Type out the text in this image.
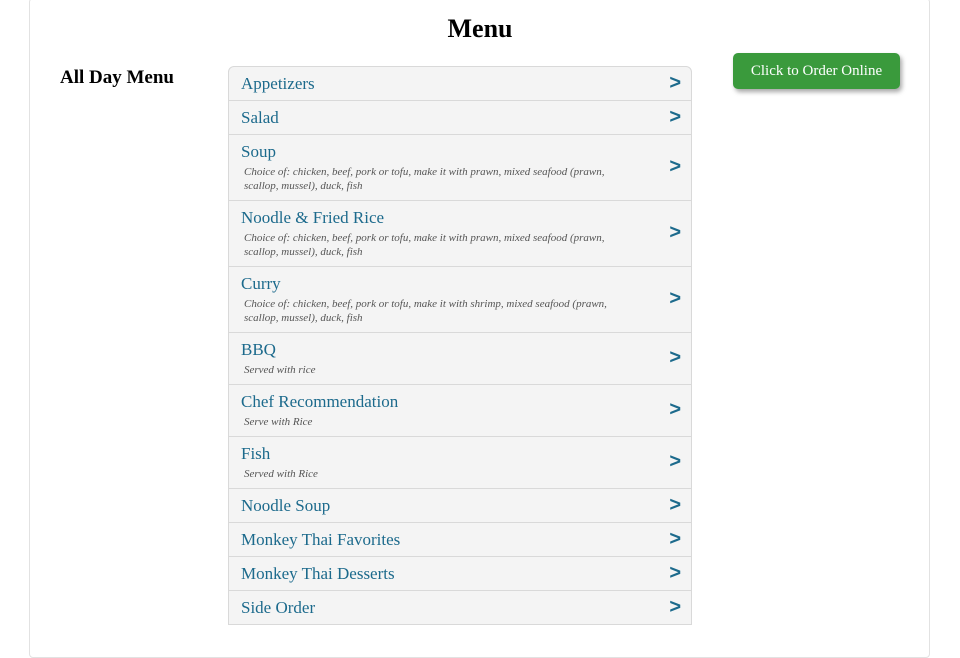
Menu
All Day Menu	Click to Order Online
Appetizers	>
Salad	>
Soup
Choice of: chicken, beef, pork or tofu, make it with prawn, mixed seafood (prawn, scallop, mussel), duck, fish
>
Noodle & Fried Rice
Choice of: chicken, beef, pork or tofu, make it with prawn, mixed seafood (prawn, scallop, mussel), duck, fish
>
Curry
Choice of: chicken, beef, pork or tofu, make it with shrimp, mixed seafood (prawn, scallop, mussel), duck, fish
>
BBQ
Served with rice
>
Chef Recommendation
Serve with Rice
>
Fish
Served with Rice
>
Noodle Soup	>
Monkey Thai Favorites	>
Monkey Thai Desserts	>
Side Order	>
